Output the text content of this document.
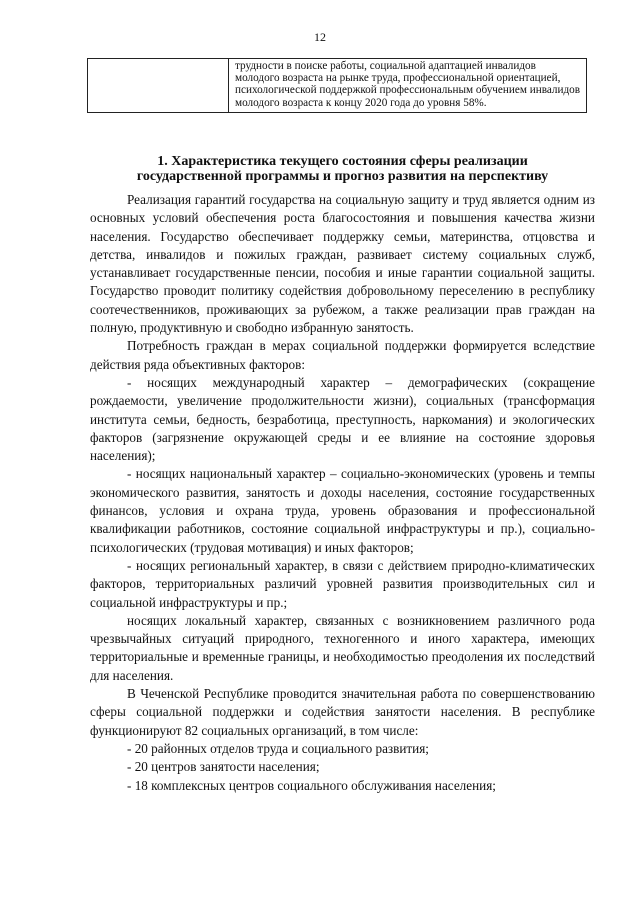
12
	трудности в поиске работы, социальной адаптацией инвалидов молодого возраста на рынке труда, профессиональной ориентацией, психологической поддержкой профессиональным обучением инвалидов молодого возраста к концу 2020 года до уровня 58%.
1. Характеристика текущего состояния сферы реализации
государственной программы и прогноз развития на перспективу

Реализация гарантий государства на социальную защиту и труд является одним из основных условий обеспечения роста благосостояния и повышения качества жизни населения. Государство обеспечивает поддержку семьи, материнства, отцовства и детства, инвалидов и пожилых граждан, развивает систему социальных служб, устанавливает государственные пенсии, пособия и иные гарантии социальной защиты. Государство проводит политику содействия добровольному переселению в республику соотечественников, проживающих за рубежом, а также реализации прав граждан на полную, продуктивную и свободно избранную занятость.

Потребность граждан в мерах социальной поддержки формируется вследствие действия ряда объективных факторов:

- носящих международный характер – демографических (сокращение рождаемости, увеличение продолжительности жизни), социальных (трансформация института семьи, бедность, безработица, преступность, наркомания) и экологических факторов (загрязнение окружающей среды и ее влияние на состояние здоровья населения);

- носящих национальный характер – социально-экономических (уровень и темпы экономического развития, занятость и доходы населения, состояние государственных финансов, условия и охрана труда, уровень образования и профессиональной квалификации работников, состояние социальной инфраструктуры и пр.), социально-психологических (трудовая мотивация) и иных факторов;

- носящих региональный характер, в связи с действием природно-климатических факторов, территориальных различий уровней развития производительных сил и социальной инфраструктуры и пр.;

носящих локальный характер, связанных с возникновением различного рода чрезвычайных ситуаций природного, техногенного и иного характера, имеющих территориальные и временные границы, и необходимостью преодоления их последствий для населения.

В Чеченской Республике проводится значительная работа по совершенствованию сферы социальной поддержки и содействия занятости населения. В республике функционируют 82 социальных организаций, в том числе:

- 20 районных отделов труда и социального развития;

- 20 центров занятости населения;

- 18 комплексных центров социального обслуживания населения;
